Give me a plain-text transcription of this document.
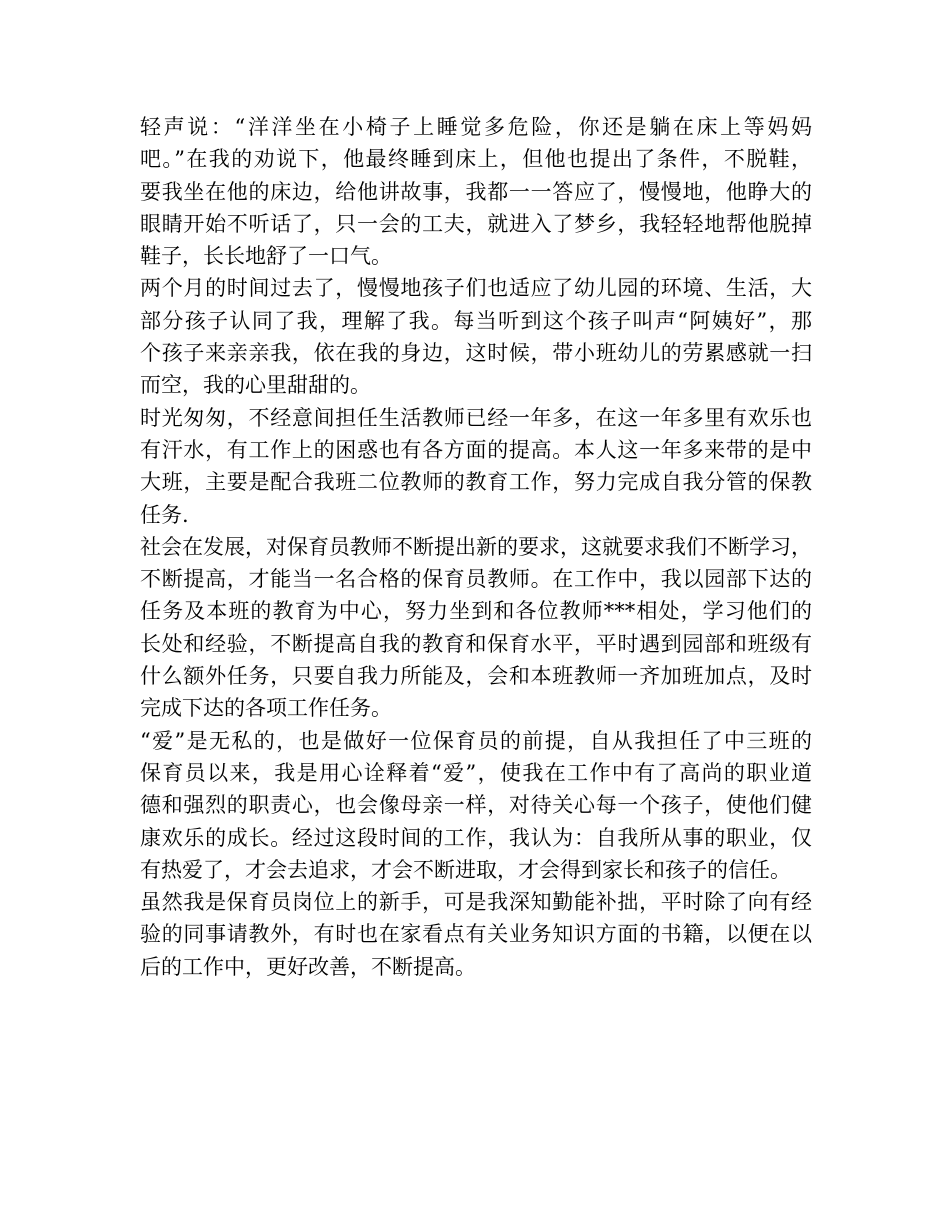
轻声说：“洋洋坐在小椅子上睡觉多危险，你还是躺在床上等妈妈
吧。”在我的劝说下，他最终睡到床上，但他也提出了条件，不脱鞋，
要我坐在他的床边，给他讲故事，我都一一答应了，慢慢地，他睁大的
眼睛开始不听话了，只一会的工夫，就进入了梦乡，我轻轻地帮他脱掉
鞋子，长长地舒了一口气。

两个月的时间过去了，慢慢地孩子们也适应了幼儿园的环境、生活，大
部分孩子认同了我，理解了我。每当听到这个孩子叫声“阿姨好”，那
个孩子来亲亲我，依在我的身边，这时候，带小班幼儿的劳累感就一扫
而空，我的心里甜甜的。

时光匆匆，不经意间担任生活教师已经一年多，在这一年多里有欢乐也
有汗水，有工作上的困惑也有各方面的提高。本人这一年多来带的是中
大班，主要是配合我班二位教师的教育工作，努力完成自我分管的保教
任务.

社会在发展，对保育员教师不断提出新的要求，这就要求我们不断学习，
不断提高，才能当一名合格的保育员教师。在工作中，我以园部下达的
任务及本班的教育为中心，努力坐到和各位教师***相处，学习他们的
长处和经验，不断提高自我的教育和保育水平，平时遇到园部和班级有
什么额外任务，只要自我力所能及，会和本班教师一齐加班加点，及时
完成下达的各项工作任务。

“爱”是无私的，也是做好一位保育员的前提，自从我担任了中三班的
保育员以来，我是用心诠释着“爱”，使我在工作中有了高尚的职业道
德和强烈的职责心，也会像母亲一样，对待关心每一个孩子，使他们健
康欢乐的成长。经过这段时间的工作，我认为：自我所从事的职业，仅
有热爱了，才会去追求，才会不断进取，才会得到家长和孩子的信任。

虽然我是保育员岗位上的新手，可是我深知勤能补拙，平时除了向有经
验的同事请教外，有时也在家看点有关业务知识方面的书籍，以便在以
后的工作中，更好改善，不断提高。
